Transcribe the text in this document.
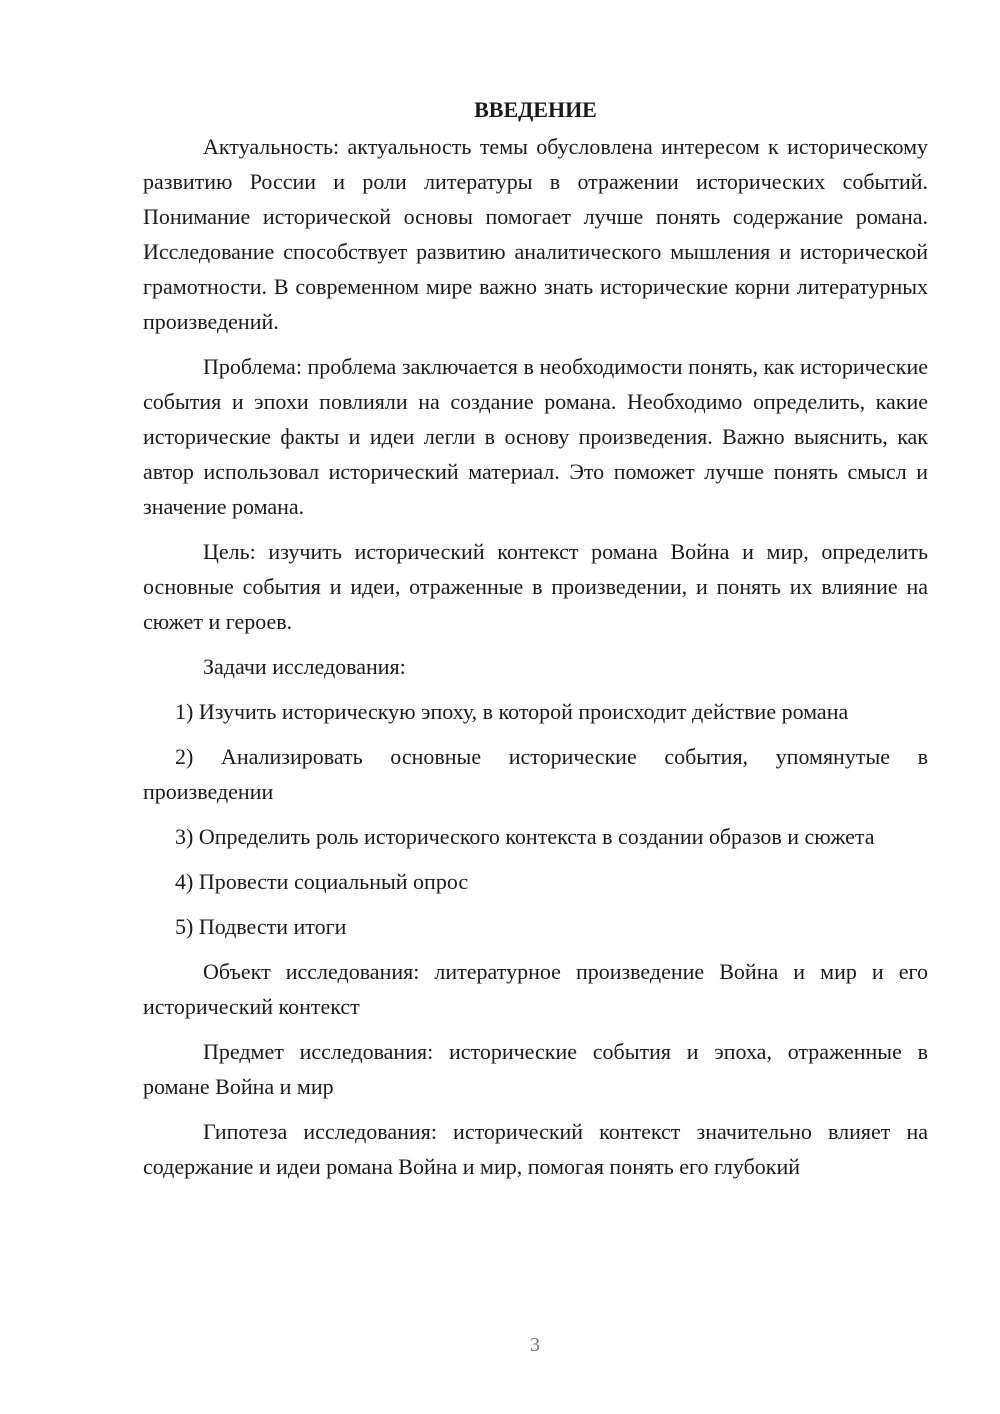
ВВЕДЕНИЕ

Актуальность: актуальность темы обусловлена интересом к историческому развитию России и роли литературы в отражении исторических событий. Понимание исторической основы помогает лучше понять содержание романа. Исследование способствует развитию аналитического мышления и исторической грамотности. В современном мире важно знать исторические корни литературных произведений.

Проблема: проблема заключается в необходимости понять, как исторические события и эпохи повлияли на создание романа. Необходимо определить, какие исторические факты и идеи легли в основу произведения. Важно выяснить, как автор использовал исторический материал. Это поможет лучше понять смысл и значение романа.

Цель: изучить исторический контекст романа Война и мир, определить основные события и идеи, отраженные в произведении, и понять их влияние на сюжет и героев.

Задачи исследования:

1) Изучить историческую эпоху, в которой происходит действие романа

2) Анализировать основные исторические события, упомянутые в произведении

3) Определить роль исторического контекста в создании образов и сюжета

4) Провести социальный опрос

5) Подвести итоги

Объект исследования: литературное произведение Война и мир и его исторический контекст

Предмет исследования: исторические события и эпоха, отраженные в романе Война и мир

Гипотеза исследования: исторический контекст значительно влияет на содержание и идеи романа Война и мир, помогая понять его глубокий

3
